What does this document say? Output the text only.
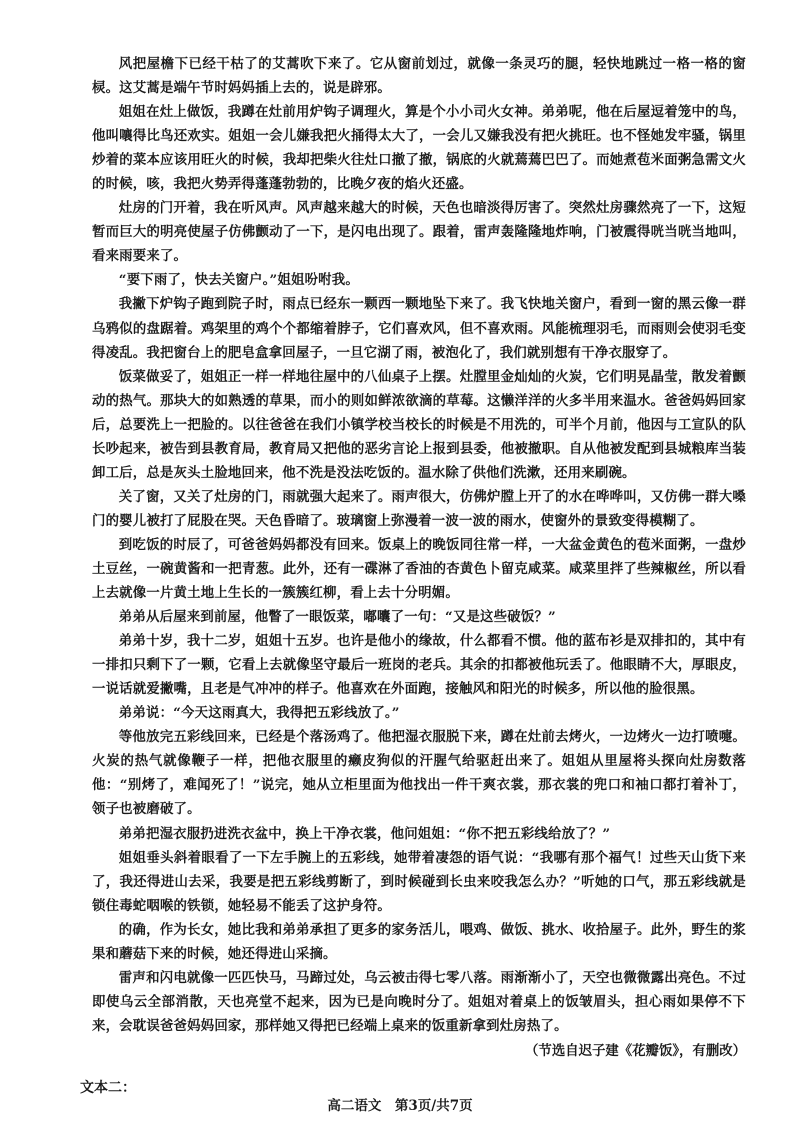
风把屋檐下已经干枯了的艾蒿吹下来了。它从窗前划过，就像一条灵巧的腿，轻快地跳过一格一格的窗棂。这艾蒿是端午节时妈妈插上去的，说是辟邪。

姐姐在灶上做饭，我蹲在灶前用炉钩子调理火，算是个小小司火女神。弟弟呢，他在后屋逗着笼中的鸟，他叫嚷得比鸟还欢实。姐姐一会儿嫌我把火捅得太大了，一会儿又嫌我没有把火挑旺。也不怪她发牢骚，锅里炒着的菜本应该用旺火的时候，我却把柴火往灶口撤了撤，锅底的火就蔫蔫巴巴了。而她煮苞米面粥急需文火的时候，咳，我把火势弄得蓬蓬勃勃的，比晚夕夜的焰火还盛。

灶房的门开着，我在听风声。风声越来越大的时候，天色也暗淡得厉害了。突然灶房骤然亮了一下，这短暂而巨大的明亮使屋子仿佛颤动了一下，是闪电出现了。跟着，雷声轰隆隆地炸响，门被震得咣当咣当地叫，看来雨要来了。

“要下雨了，快去关窗户。”姐姐吩咐我。

我撇下炉钩子跑到院子时，雨点已经东一颗西一颗地坠下来了。我飞快地关窗户，看到一窗的黑云像一群乌鸦似的盘踞着。鸡架里的鸡个个都缩着脖子，它们喜欢风，但不喜欢雨。风能梳理羽毛，而雨则会使羽毛变得凌乱。我把窗台上的肥皂盒拿回屋子，一旦它湖了雨，被泡化了，我们就别想有干净衣服穿了。

饭菜做妥了，姐姐正一样一样地往屋中的八仙桌子上摆。灶膛里金灿灿的火炭，它们明晃晶莹，散发着颤动的热气。那块大的如熟透的草果，而小的则如鲜浓欲滴的草莓。这懒洋洋的火多半用来温水。爸爸妈妈回家后，总要洗上一把脸的。以往爸爸在我们小镇学校当校长的时候是不用洗的，可半个月前，他因与工宣队的队长吵起来，被告到县教育局，教育局又把他的恶劣言论上报到县委，他被撤职。自从他被发配到县城粮库当装卸工后，总是灰头土脸地回来，他不洗是没法吃饭的。温水除了供他们洗漱，还用来刷碗。

关了窗，又关了灶房的门，雨就强大起来了。雨声很大，仿佛炉膛上开了的水在哗哗叫，又仿佛一群大嗓门的婴儿被打了屁股在哭。天色昏暗了。玻璃窗上弥漫着一波一波的雨水，使窗外的景致变得模糊了。

到吃饭的时辰了，可爸爸妈妈都没有回来。饭桌上的晚饭同往常一样，一大盆金黄色的苞米面粥，一盘炒土豆丝，一碗黄酱和一把青葱。此外，还有一碟淋了香油的杏黄色卜留克咸菜。咸菜里拌了些辣椒丝，所以看上去就像一片黄土地上生长的一簇簇红柳，看上去十分明媚。

弟弟从后屋来到前屋，他瞥了一眼饭菜，嘟囔了一句：“又是这些破饭？”

弟弟十岁，我十二岁，姐姐十五岁。也许是他小的缘故，什么都看不惯。他的蓝布衫是双排扣的，其中有一排扣只剩下了一颗，它看上去就像坚守最后一班岗的老兵。其余的扣都被他玩丢了。他眼睛不大，厚眼皮，一说话就爱撇嘴，且老是气冲冲的样子。他喜欢在外面跑，接触风和阳光的时候多，所以他的脸很黑。

弟弟说：“今天这雨真大，我得把五彩线放了。”

等他放完五彩线回来，已经是个落汤鸡了。他把湿衣服脱下来，蹲在灶前去烤火，一边烤火一边打喷嚏。火炭的热气就像鞭子一样，把他衣服里的癞皮狗似的汗腥气给驱赶出来了。姐姐从里屋将头探向灶房数落他：“别烤了，难闻死了！”说完，她从立柜里面为他找出一件干爽衣裳，那衣裳的兜口和袖口都打着补丁，领子也被磨破了。

弟弟把湿衣服扔进洗衣盆中，换上干净衣裳，他问姐姐：“你不把五彩线给放了？”

姐姐垂头斜着眼看了一下左手腕上的五彩线，她带着凄怨的语气说：“我哪有那个福气！过些天山货下来了，我还得进山去采，我要是把五彩线剪断了，到时候碰到长虫来咬我怎么办？”听她的口气，那五彩线就是锁住毒蛇咽喉的铁锁，她轻易不能丢了这护身符。

的确，作为长女，她比我和弟弟承担了更多的家务活儿，喂鸡、做饭、挑水、收拾屋子。此外，野生的浆果和蘑菇下来的时候，她还得进山采摘。

雷声和闪电就像一匹匹快马，马蹄过处，乌云被击得七零八落。雨渐渐小了，天空也微微露出亮色。不过即使乌云全部消散，天也亮堂不起来，因为已是向晚时分了。姐姐对着桌上的饭皱眉头，担心雨如果停不下来，会耽误爸爸妈妈回家，那样她又得把已经端上桌来的饭重新拿到灶房热了。

（节选自迟子建《花瓣饭》，有删改）

文本二：
高二语文　第3页/共7页
